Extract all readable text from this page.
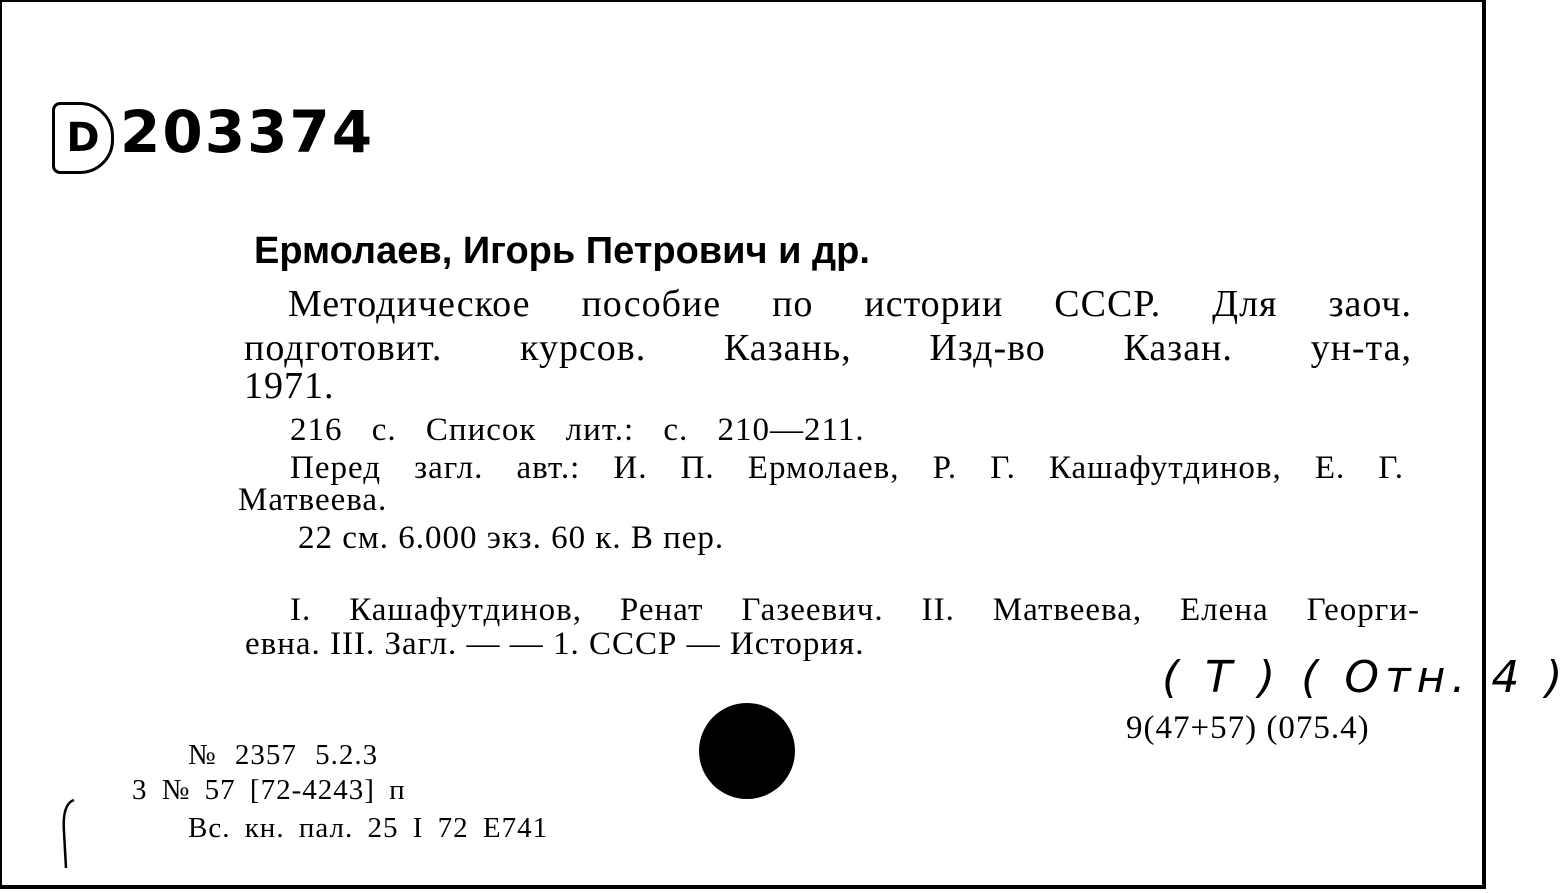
D 203374
Ермолаев, Игорь Петрович и др.
Методическое пособие по истории СССР. Для заоч.
подготовит. курсов. Казань, Изд-во Казан. ун-та,
1971.
216 с. Список лит.: с. 210—211.
Перед загл. авт.: И. П. Ермолаев, Р. Г. Кашафутдинов, Е. Г.
Матвеева.
22 см. 6.000 экз. 60 к. В пер.
I. Кашафутдинов, Ренат Газеевич. II. Матвеева, Елена Георги-
евна. III. Загл. — — 1. СССР — История.
( Т ) ( Отн. 4 )
9(47+57) (075.4)
№ 2357 5.2.3
3 № 57 [72-4243] п
Вс. кн. пал. 25 I 72 Е741
